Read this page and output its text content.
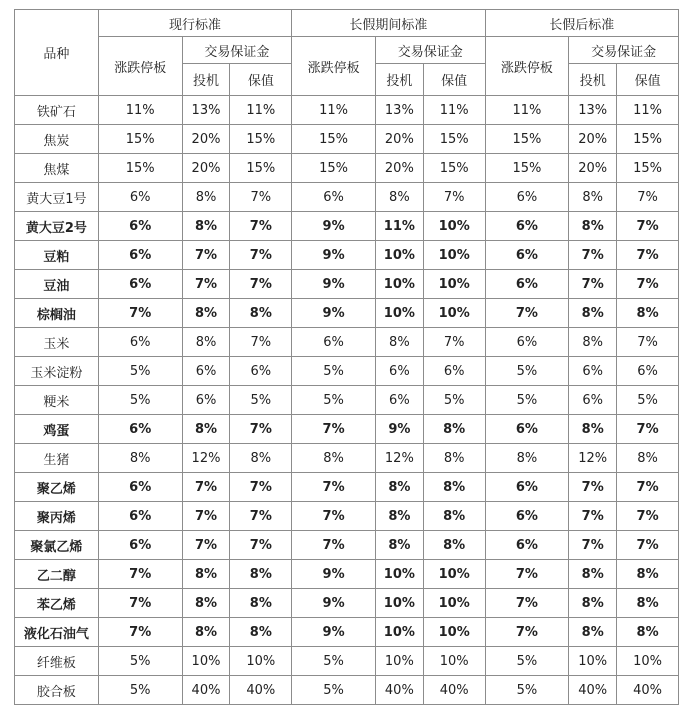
品种	现行标准			长假期间标准			长假后标准		
	涨跌停板	交易保证金		涨跌停板	交易保证金		涨跌停板	交易保证金	
		投机	保值		投机	保值		投机	保值
铁矿石	11%	13%	11%	11%	13%	11%	11%	13%	11%
焦炭	15%	20%	15%	15%	20%	15%	15%	20%	15%
焦煤	15%	20%	15%	15%	20%	15%	15%	20%	15%
黄大豆1号	6%	8%	7%	6%	8%	7%	6%	8%	7%
黄大豆2号	6%	8%	7%	9%	11%	10%	6%	8%	7%
豆粕	6%	7%	7%	9%	10%	10%	6%	7%	7%
豆油	6%	7%	7%	9%	10%	10%	6%	7%	7%
棕榈油	7%	8%	8%	9%	10%	10%	7%	8%	8%
玉米	6%	8%	7%	6%	8%	7%	6%	8%	7%
玉米淀粉	5%	6%	6%	5%	6%	6%	5%	6%	6%
粳米	5%	6%	5%	5%	6%	5%	5%	6%	5%
鸡蛋	6%	8%	7%	7%	9%	8%	6%	8%	7%
生猪	8%	12%	8%	8%	12%	8%	8%	12%	8%
聚乙烯	6%	7%	7%	7%	8%	8%	6%	7%	7%
聚丙烯	6%	7%	7%	7%	8%	8%	6%	7%	7%
聚氯乙烯	6%	7%	7%	7%	8%	8%	6%	7%	7%
乙二醇	7%	8%	8%	9%	10%	10%	7%	8%	8%
苯乙烯	7%	8%	8%	9%	10%	10%	7%	8%	8%
液化石油气	7%	8%	8%	9%	10%	10%	7%	8%	8%
纤维板	5%	10%	10%	5%	10%	10%	5%	10%	10%
胶合板	5%	40%	40%	5%	40%	40%	5%	40%	40%
